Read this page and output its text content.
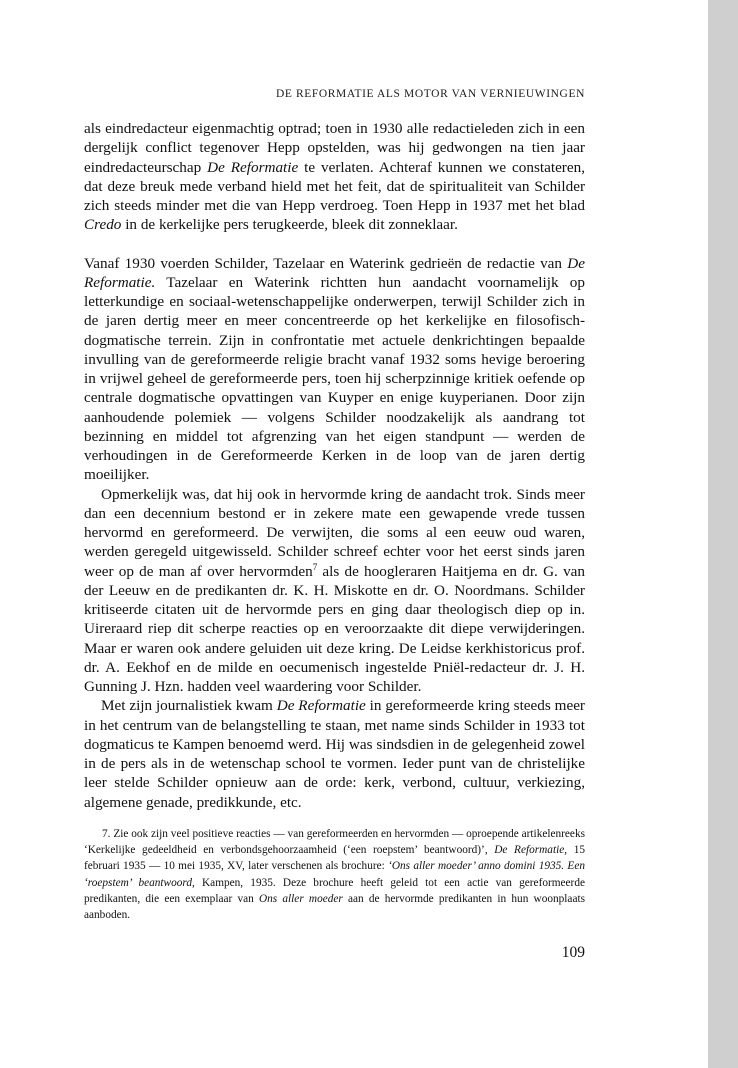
DE REFORMATIE ALS MOTOR VAN VERNIEUWINGEN

als eindredacteur eigenmachtig optrad; toen in 1930 alle redactieleden zich in een dergelijk conflict tegenover Hepp opstelden, was hij gedwongen na tien jaar eindredacteurschap De Reformatie te verlaten. Achteraf kunnen we constateren, dat deze breuk mede verband hield met het feit, dat de spiritualiteit van Schilder zich steeds minder met die van Hepp verdroeg. Toen Hepp in 1937 met het blad Credo in de kerkelijke pers terugkeerde, bleek dit zonneklaar.

Vanaf 1930 voerden Schilder, Tazelaar en Waterink gedrieën de redactie van De Reformatie. Tazelaar en Waterink richtten hun aandacht voornamelijk op letterkundige en sociaal-wetenschappelijke onderwerpen, terwijl Schilder zich in de jaren dertig meer en meer concentreerde op het kerkelijke en filosofisch-dogmatische terrein. Zijn in confrontatie met actuele denkrichtingen bepaalde invulling van de gereformeerde religie bracht vanaf 1932 soms hevige beroering in vrijwel geheel de gereformeerde pers, toen hij scherpzinnige kritiek oefende op centrale dogmatische opvattingen van Kuyper en enige kuyperianen. Door zijn aanhoudende polemiek — volgens Schilder noodzakelijk als aandrang tot bezinning en middel tot afgrenzing van het eigen standpunt — werden de verhoudingen in de Gereformeerde Kerken in de loop van de jaren dertig moeilijker.

Opmerkelijk was, dat hij ook in hervormde kring de aandacht trok. Sinds meer dan een decennium bestond er in zekere mate een gewapende vrede tussen hervormd en gereformeerd. De verwijten, die soms al een eeuw oud waren, werden geregeld uitgewisseld. Schilder schreef echter voor het eerst sinds jaren weer op de man af over hervormden$^7$ als de hoogleraren Haitjema en dr. G. van der Leeuw en de predikanten dr. K. H. Miskotte en dr. O. Noordmans. Schilder kritiseerde citaten uit de hervormde pers en ging daar theologisch diep op in. Uireraard riep dit scherpe reacties op en veroorzaakte dit diepe verwijderingen. Maar er waren ook andere geluiden uit deze kring. De Leidse kerkhistoricus prof. dr. A. Eekhof en de milde en oecumenisch ingestelde Pniël-redacteur dr. J. H. Gunning J. Hzn. hadden veel waardering voor Schilder.

Met zijn journalistiek kwam De Reformatie in gereformeerde kring steeds meer in het centrum van de belangstelling te staan, met name sinds Schilder in 1933 tot dogmaticus te Kampen benoemd werd. Hij was sindsdien in de gelegenheid zowel in de pers als in de wetenschap school te vormen. Ieder punt van de christelijke leer stelde Schilder opnieuw aan de orde: kerk, verbond, cultuur, verkiezing, algemene genade, predikkunde, etc.

7. Zie ook zijn veel positieve reacties — van gereformeerden en hervormden — oproepende artikelenreeks ‘Kerkelijke gedeeldheid en verbondsgehoorzaamheid (‘een roepstem’ beantwoord)’, De Reformatie, 15 februari 1935 — 10 mei 1935, XV, later verschenen als brochure: ‘Ons aller moeder’ anno domini 1935. Een ‘roepstem’ beantwoord, Kampen, 1935. Deze brochure heeft geleid tot een actie van gereformeerde predikanten, die een exemplaar van Ons aller moeder aan de hervormde predikanten in hun woonplaats aanboden.
109
